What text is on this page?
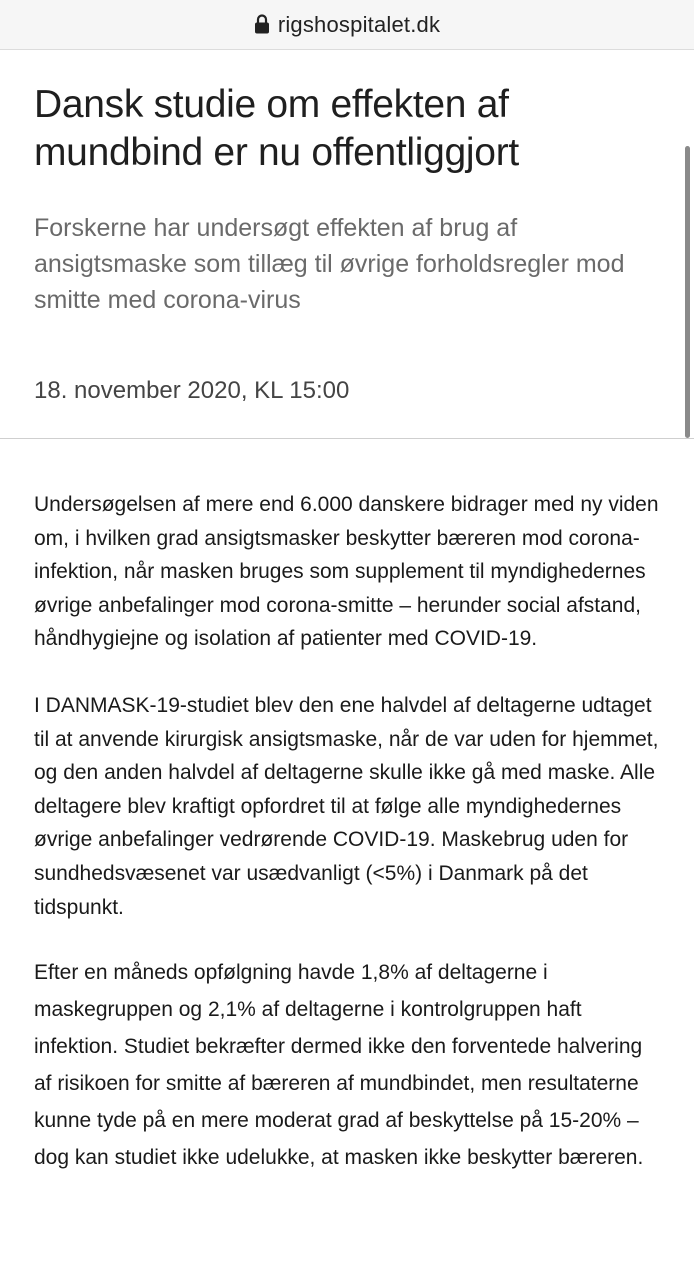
rigshospitalet.dk
Dansk studie om effekten af mundbind er nu offentliggjort
Forskerne har undersøgt effekten af brug af ansigtsmaske som tillæg til øvrige forholdsregler mod smitte med corona-virus
18. november 2020, KL 15:00

Undersøgelsen af mere end 6.000 danskere bidrager med ny viden om, i hvilken grad ansigtsmasker beskytter bæreren mod corona-infektion, når masken bruges som supplement til myndighedernes øvrige anbefalinger mod corona-smitte – herunder social afstand, håndhygiejne og isolation af patienter med COVID-19.

I DANMASK-19-studiet blev den ene halvdel af deltagerne udtaget til at anvende kirurgisk ansigtsmaske, når de var uden for hjemmet, og den anden halvdel af deltagerne skulle ikke gå med maske. Alle deltagere blev kraftigt opfordret til at følge alle myndighedernes øvrige anbefalinger vedrørende COVID-19. Maskebrug uden for sundhedsvæsenet var usædvanligt (<5%) i Danmark på det tidspunkt.

Efter en måneds opfølgning havde 1,8% af deltagerne i maskegruppen og 2,1% af deltagerne i kontrolgruppen haft infektion. Studiet bekræfter dermed ikke den forventede halvering af risikoen for smitte af bæreren af mundbindet, men resultaterne kunne tyde på en mere moderat grad af beskyttelse på 15-20% – dog kan studiet ikke udelukke, at masken ikke beskytter bæreren.
